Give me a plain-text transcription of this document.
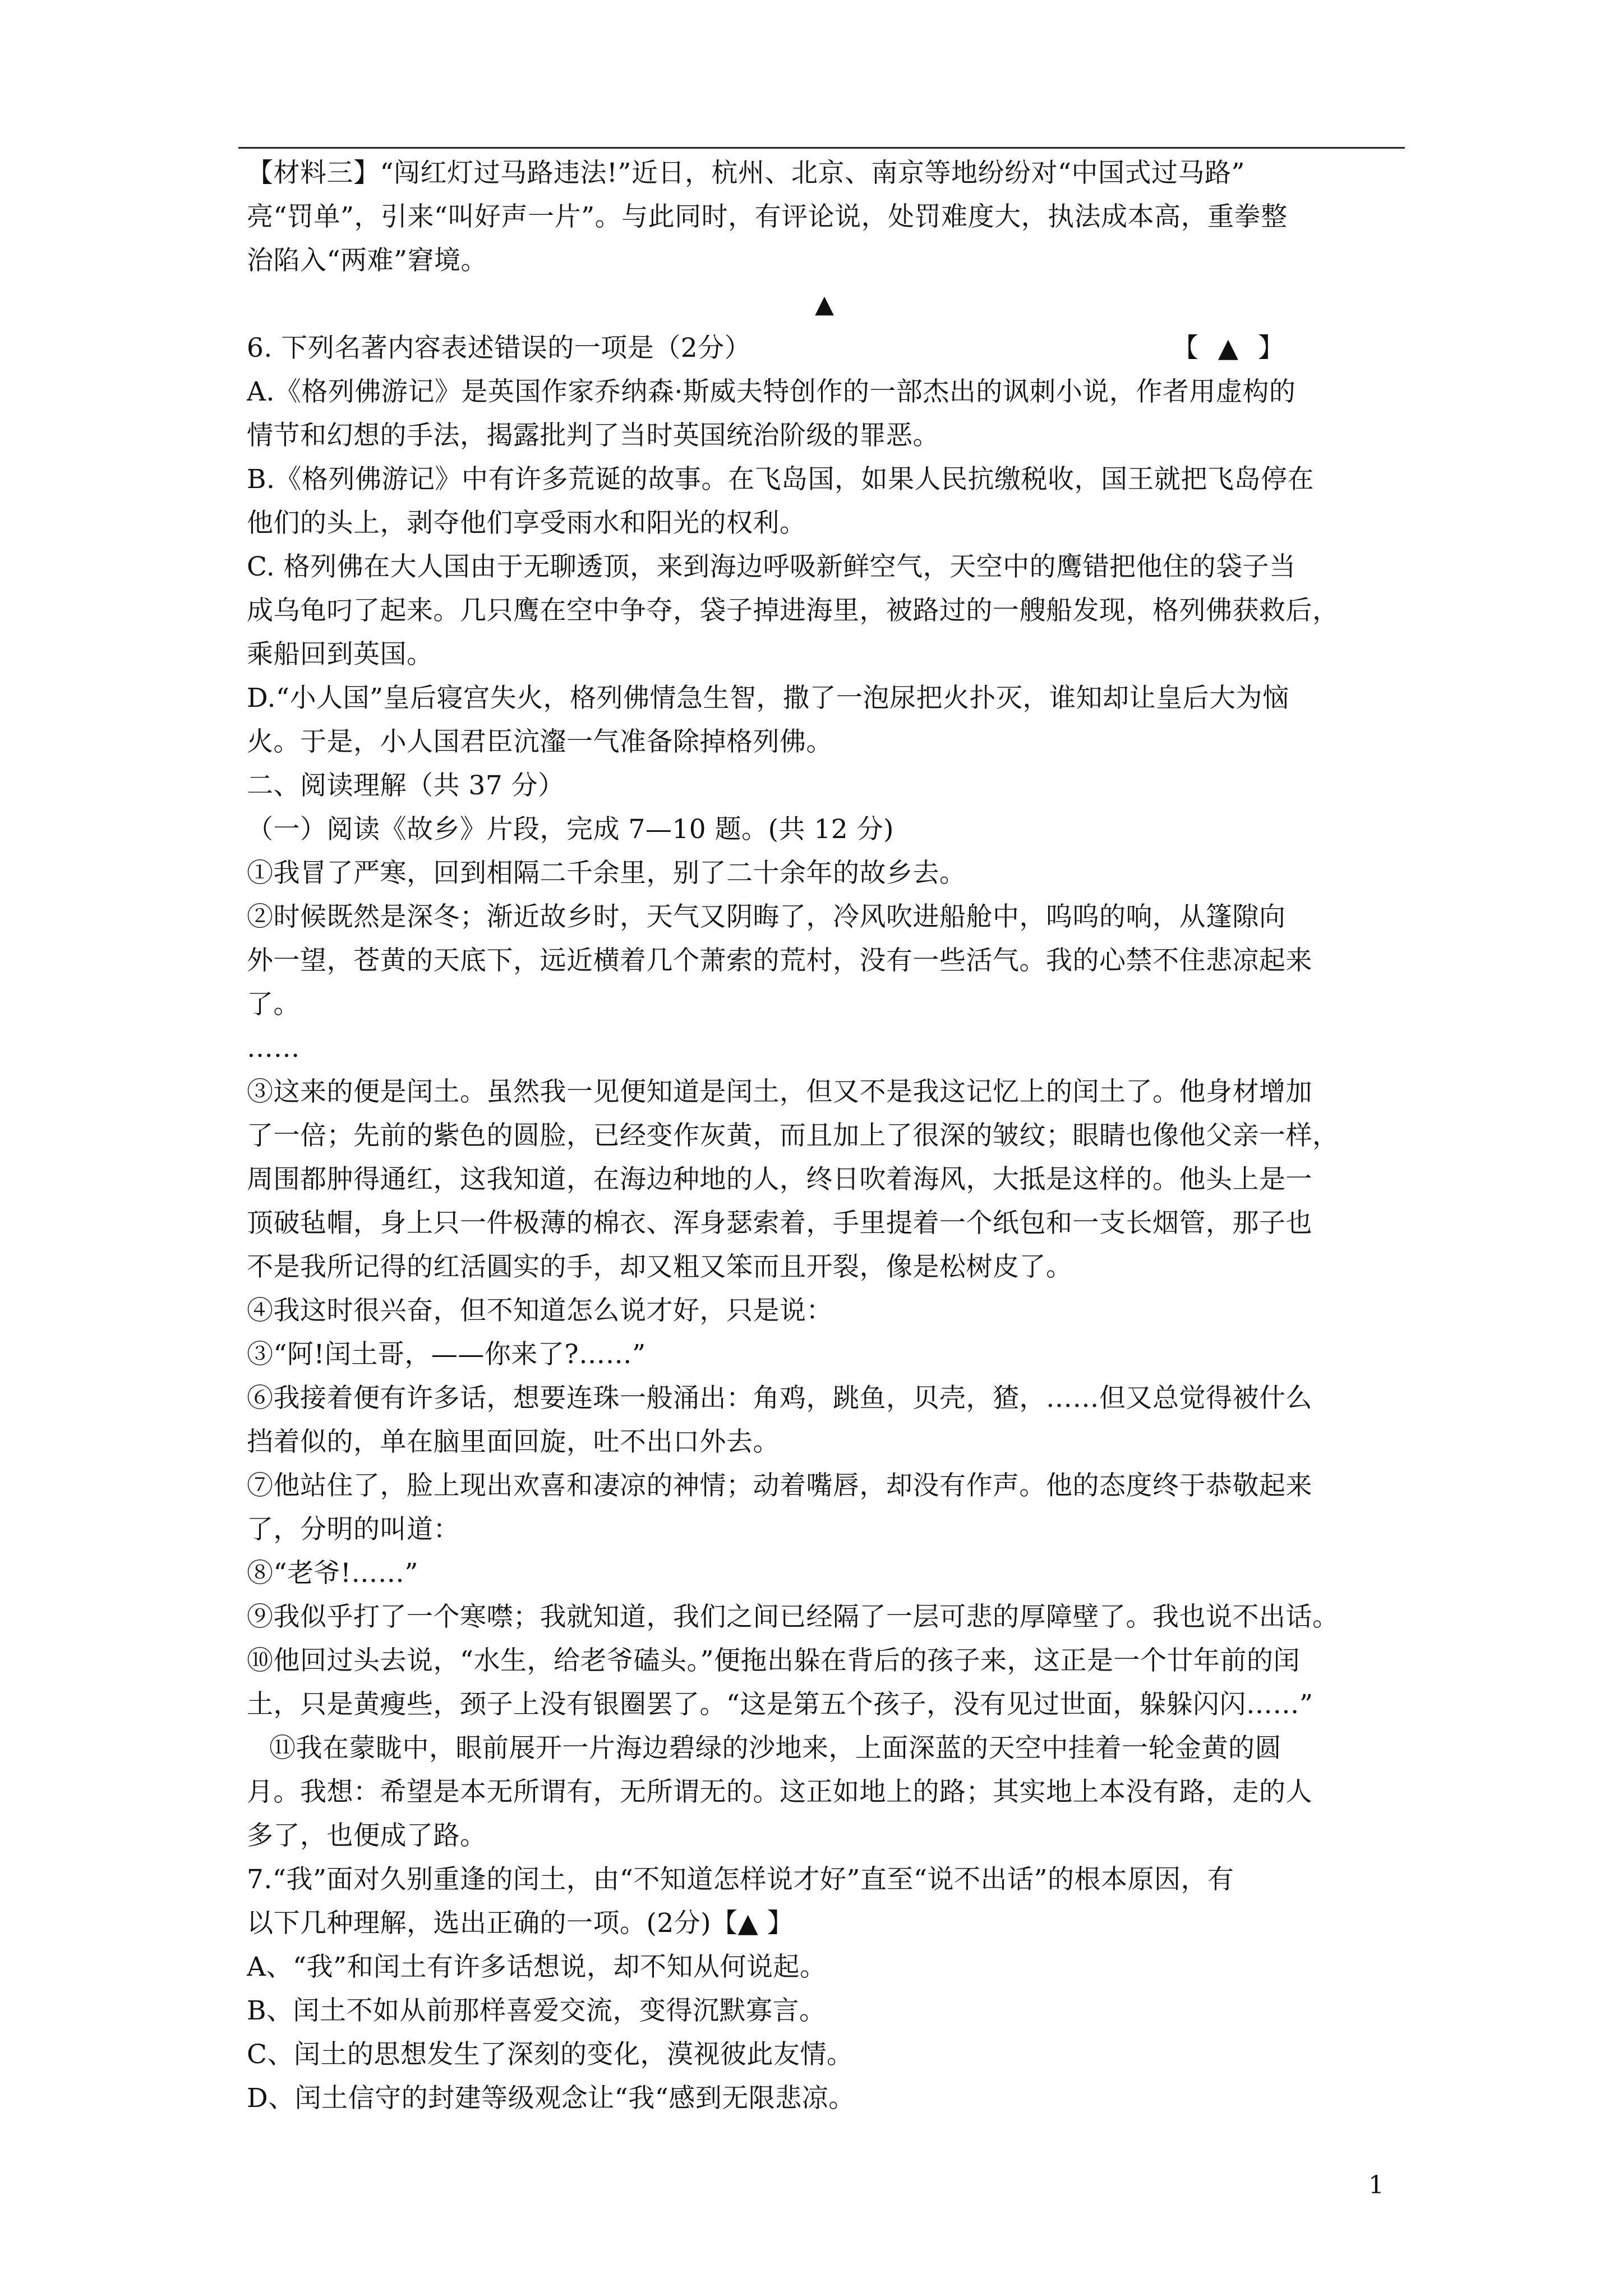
【材料三】“闯红灯过马路违法!”近日，杭州、北京、南京等地纷纷对“中国式过马路”
亮“罚单”，引来“叫好声一片”。与此同时，有评论说，处罚难度大，执法成本高，重拳整
治陷入“两难”窘境。
▲
6. 下列名著内容表述错误的一项是（2分）	【 ▲ 】
A.《格列佛游记》是英国作家乔纳森·斯威夫特创作的一部杰出的讽刺小说，作者用虚构的
情节和幻想的手法，揭露批判了当时英国统治阶级的罪恶。
B.《格列佛游记》中有许多荒诞的故事。在飞岛国，如果人民抗缴税收，国王就把飞岛停在
他们的头上，剥夺他们享受雨水和阳光的权利。
C. 格列佛在大人国由于无聊透顶，来到海边呼吸新鲜空气，天空中的鹰错把他住的袋子当
成乌龟叼了起来。几只鹰在空中争夺，袋子掉进海里，被路过的一艘船发现，格列佛获救后，
乘船回到英国。
D.“小人国”皇后寝宫失火，格列佛情急生智，撒了一泡尿把火扑灭，谁知却让皇后大为恼
火。于是，小人国君臣沆瀣一气准备除掉格列佛。
二、阅读理解（共 37 分）
（一）阅读《故乡》片段，完成 7—10 题。(共 12 分)
①我冒了严寒，回到相隔二千余里，别了二十余年的故乡去。
②时候既然是深冬；渐近故乡时，天气又阴晦了，冷风吹进船舱中，呜呜的响，从篷隙向
外一望，苍黄的天底下，远近横着几个萧索的荒村，没有一些活气。我的心禁不住悲凉起来
了。
……
③这来的便是闰土。虽然我一见便知道是闰土，但又不是我这记忆上的闰土了。他身材增加
了一倍；先前的紫色的圆脸，已经变作灰黄，而且加上了很深的皱纹；眼睛也像他父亲一样，
周围都肿得通红，这我知道，在海边种地的人，终日吹着海风，大抵是这样的。他头上是一
顶破毡帽，身上只一件极薄的棉衣、浑身瑟索着，手里提着一个纸包和一支长烟管，那子也
不是我所记得的红活圓实的手，却又粗又笨而且开裂，像是松树皮了。
④我这时很兴奋，但不知道怎么说才好，只是说：
③“阿!闰土哥，——你来了?……”
⑥我接着便有许多话，想要连珠一般涌出：角鸡，跳鱼，贝壳，猹，……但又总觉得被什么
挡着似的，单在脑里面回旋，吐不出口外去。
⑦他站住了，脸上现出欢喜和凄凉的神情；动着嘴唇，却没有作声。他的态度终于恭敬起来
了，分明的叫道：
⑧“老爷!……”
⑨我似乎打了一个寒噤；我就知道，我们之间已经隔了一层可悲的厚障壁了。我也说不出话。
⑩他回过头去说，“水生，给老爷磕头。”便拖出躲在背后的孩子来，这正是一个廿年前的闰
土，只是黄瘦些，颈子上没有银圈罢了。“这是第五个孩子，没有见过世面，躲躲闪闪……”
⑪我在蒙眬中，眼前展开一片海边碧绿的沙地来，上面深蓝的天空中挂着一轮金黄的圆
月。我想：希望是本无所谓有，无所谓无的。这正如地上的路；其实地上本没有路，走的人
多了，也便成了路。
7.“我”面对久别重逢的闰土，由“不知道怎样说才好”直至“说不出话”的根本原因，有
以下几种理解，选出正确的一项。(2分)【▲ 】
A、“我”和闰土有许多话想说，却不知从何说起。
B、闰土不如从前那样喜爱交流，变得沉默寡言。
C、闰土的思想发生了深刻的变化，漠视彼此友情。
D、闰土信守的封建等级观念让“我“感到无限悲凉。
1
